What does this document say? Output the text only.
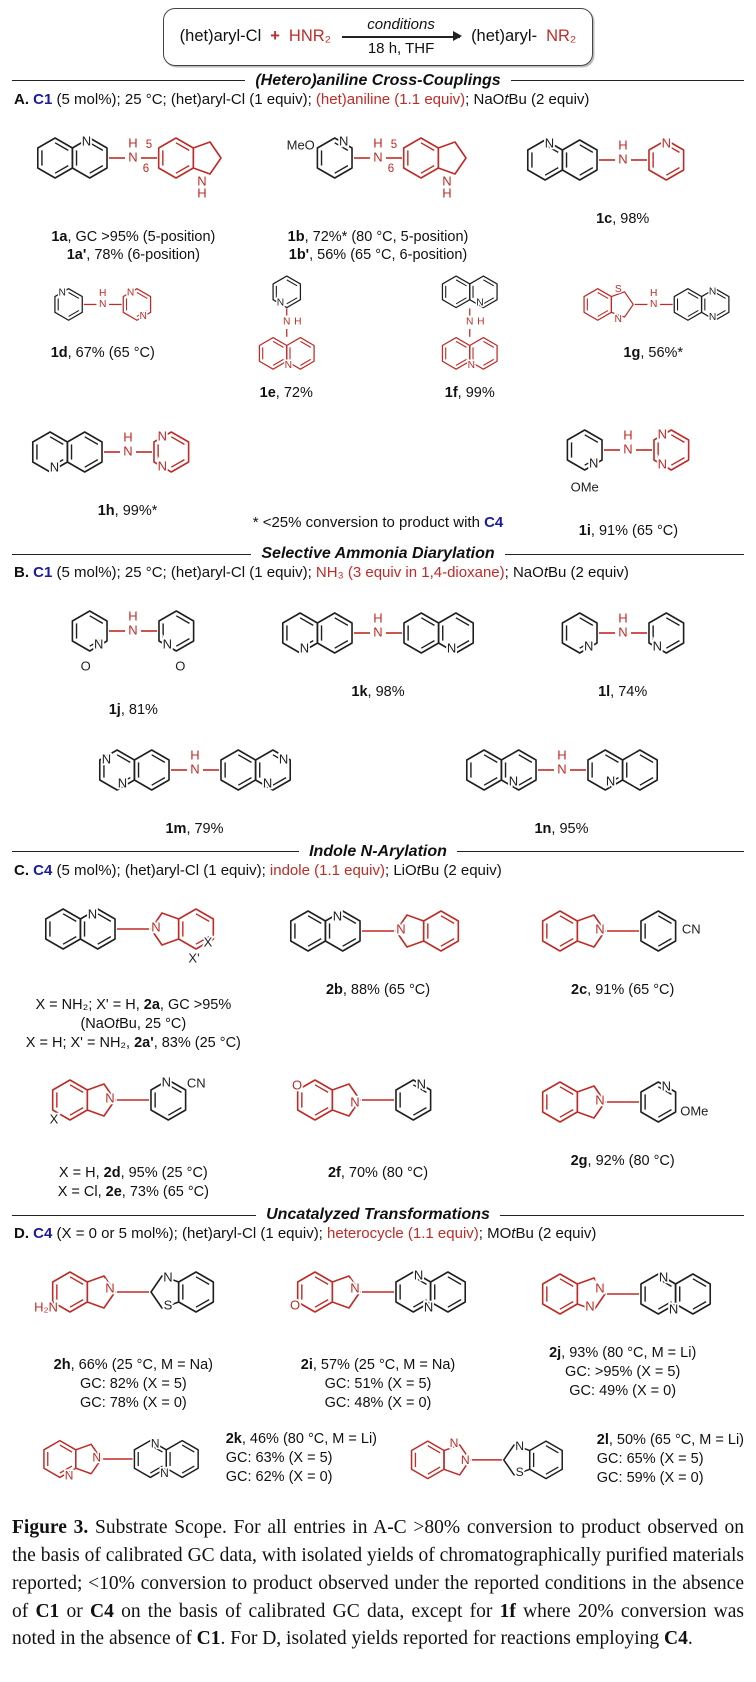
(het)aryl-Cl + HNR₂
conditions
18 h, THF
(het)aryl- NR₂
(Hetero)aniline Cross-Couplings
A. C1 (5 mol%); 25 °C; (het)aryl-Cl (1 equiv); (het)aniline (1.1 equiv); NaOtBu (2 equiv)
N
N
H
N
H 5
6
1a, GC >95% (5-position)
1a', 78% (6-position)
N
MeO
N
H
N
H 5
6
1b, 72%* (80 °C, 5-position)
1b', 56% (65 °C, 6-position)
N	N
N
H
1c, 98%
N	N
N
N
H
1d, 67% (65 °C)
N
N
N H
1e, 72%
N
N
N H
1f, 99%
S
N
N
N
N
H
1g, 56%*
N
N
N
N
H
1h, 99%*
* <25% conversion to product with C4
N
OMe
N
N
N
H
1i, 91% (65 °C)
Selective Ammonia Diarylation
B. C1 (5 mol%); 25 °C; (het)aryl-Cl (1 equiv); NH₃ (3 equiv in 1,4-dioxane); NaOtBu (2 equiv)
N
O
N
O
N
H
1j, 81%
N	N
N
H
1k, 98%
N	N
N
H
1l, 74%
N
N
N
N
N
H
1m, 79%
N	N
N
H
1n, 95%
Indole N-Arylation
C. C4 (5 mol%); (het)aryl-Cl (1 equiv); indole (1.1 equiv); LiOtBu (2 equiv)
N
N
X
X'
X = NH₂; X' = H, 2a, GC >95%
(NaOtBu, 25 °C)
X = H; X' = NH₂, 2a', 83% (25 °C)
N
N
2b, 88% (65 °C)
N	CN
2c, 91% (65 °C)
N
X
N CN
X = H, 2d, 95% (25 °C)
X = Cl, 2e, 73% (65 °C)
N
O	N
2f, 70% (80 °C)
N
N
OMe
2g, 92% (80 °C)
Uncatalyzed Transformations
D. C4 (X = 0 or 5 mol%); (het)aryl-Cl (1 equiv); heterocycle (1.1 equiv); MOtBu (2 equiv)
N
H₂N
N
S
2h, 66% (25 °C, M = Na)
GC: 82% (X = 5)
GC: 78% (X = 0)
N
O
N
N
2i, 57% (25 °C, M = Na)
GC: 51% (X = 5)
GC: 48% (X = 0)
N
N
N
N
2j, 93% (80 °C, M = Li)
GC: >95% (X = 5)
GC: 49% (X = 0)
N
N
N
N
2k, 46% (80 °C, M = Li)
GC: 63% (X = 5)
GC: 62% (X = 0)
N
N
N
S
2l, 50% (65 °C, M = Li)
GC: 65% (X = 5)
GC: 59% (X = 0)

Figure 3. Substrate Scope. For all entries in A-C >80% conversion to product observed on the basis of calibrated GC data, with isolated yields of chromatographically purified materials reported; <10% conversion to product observed under the reported conditions in the absence of C1 or C4 on the basis of calibrated GC data, except for 1f where 20% conversion was noted in the absence of C1. For D, isolated yields reported for reactions employing C4.
